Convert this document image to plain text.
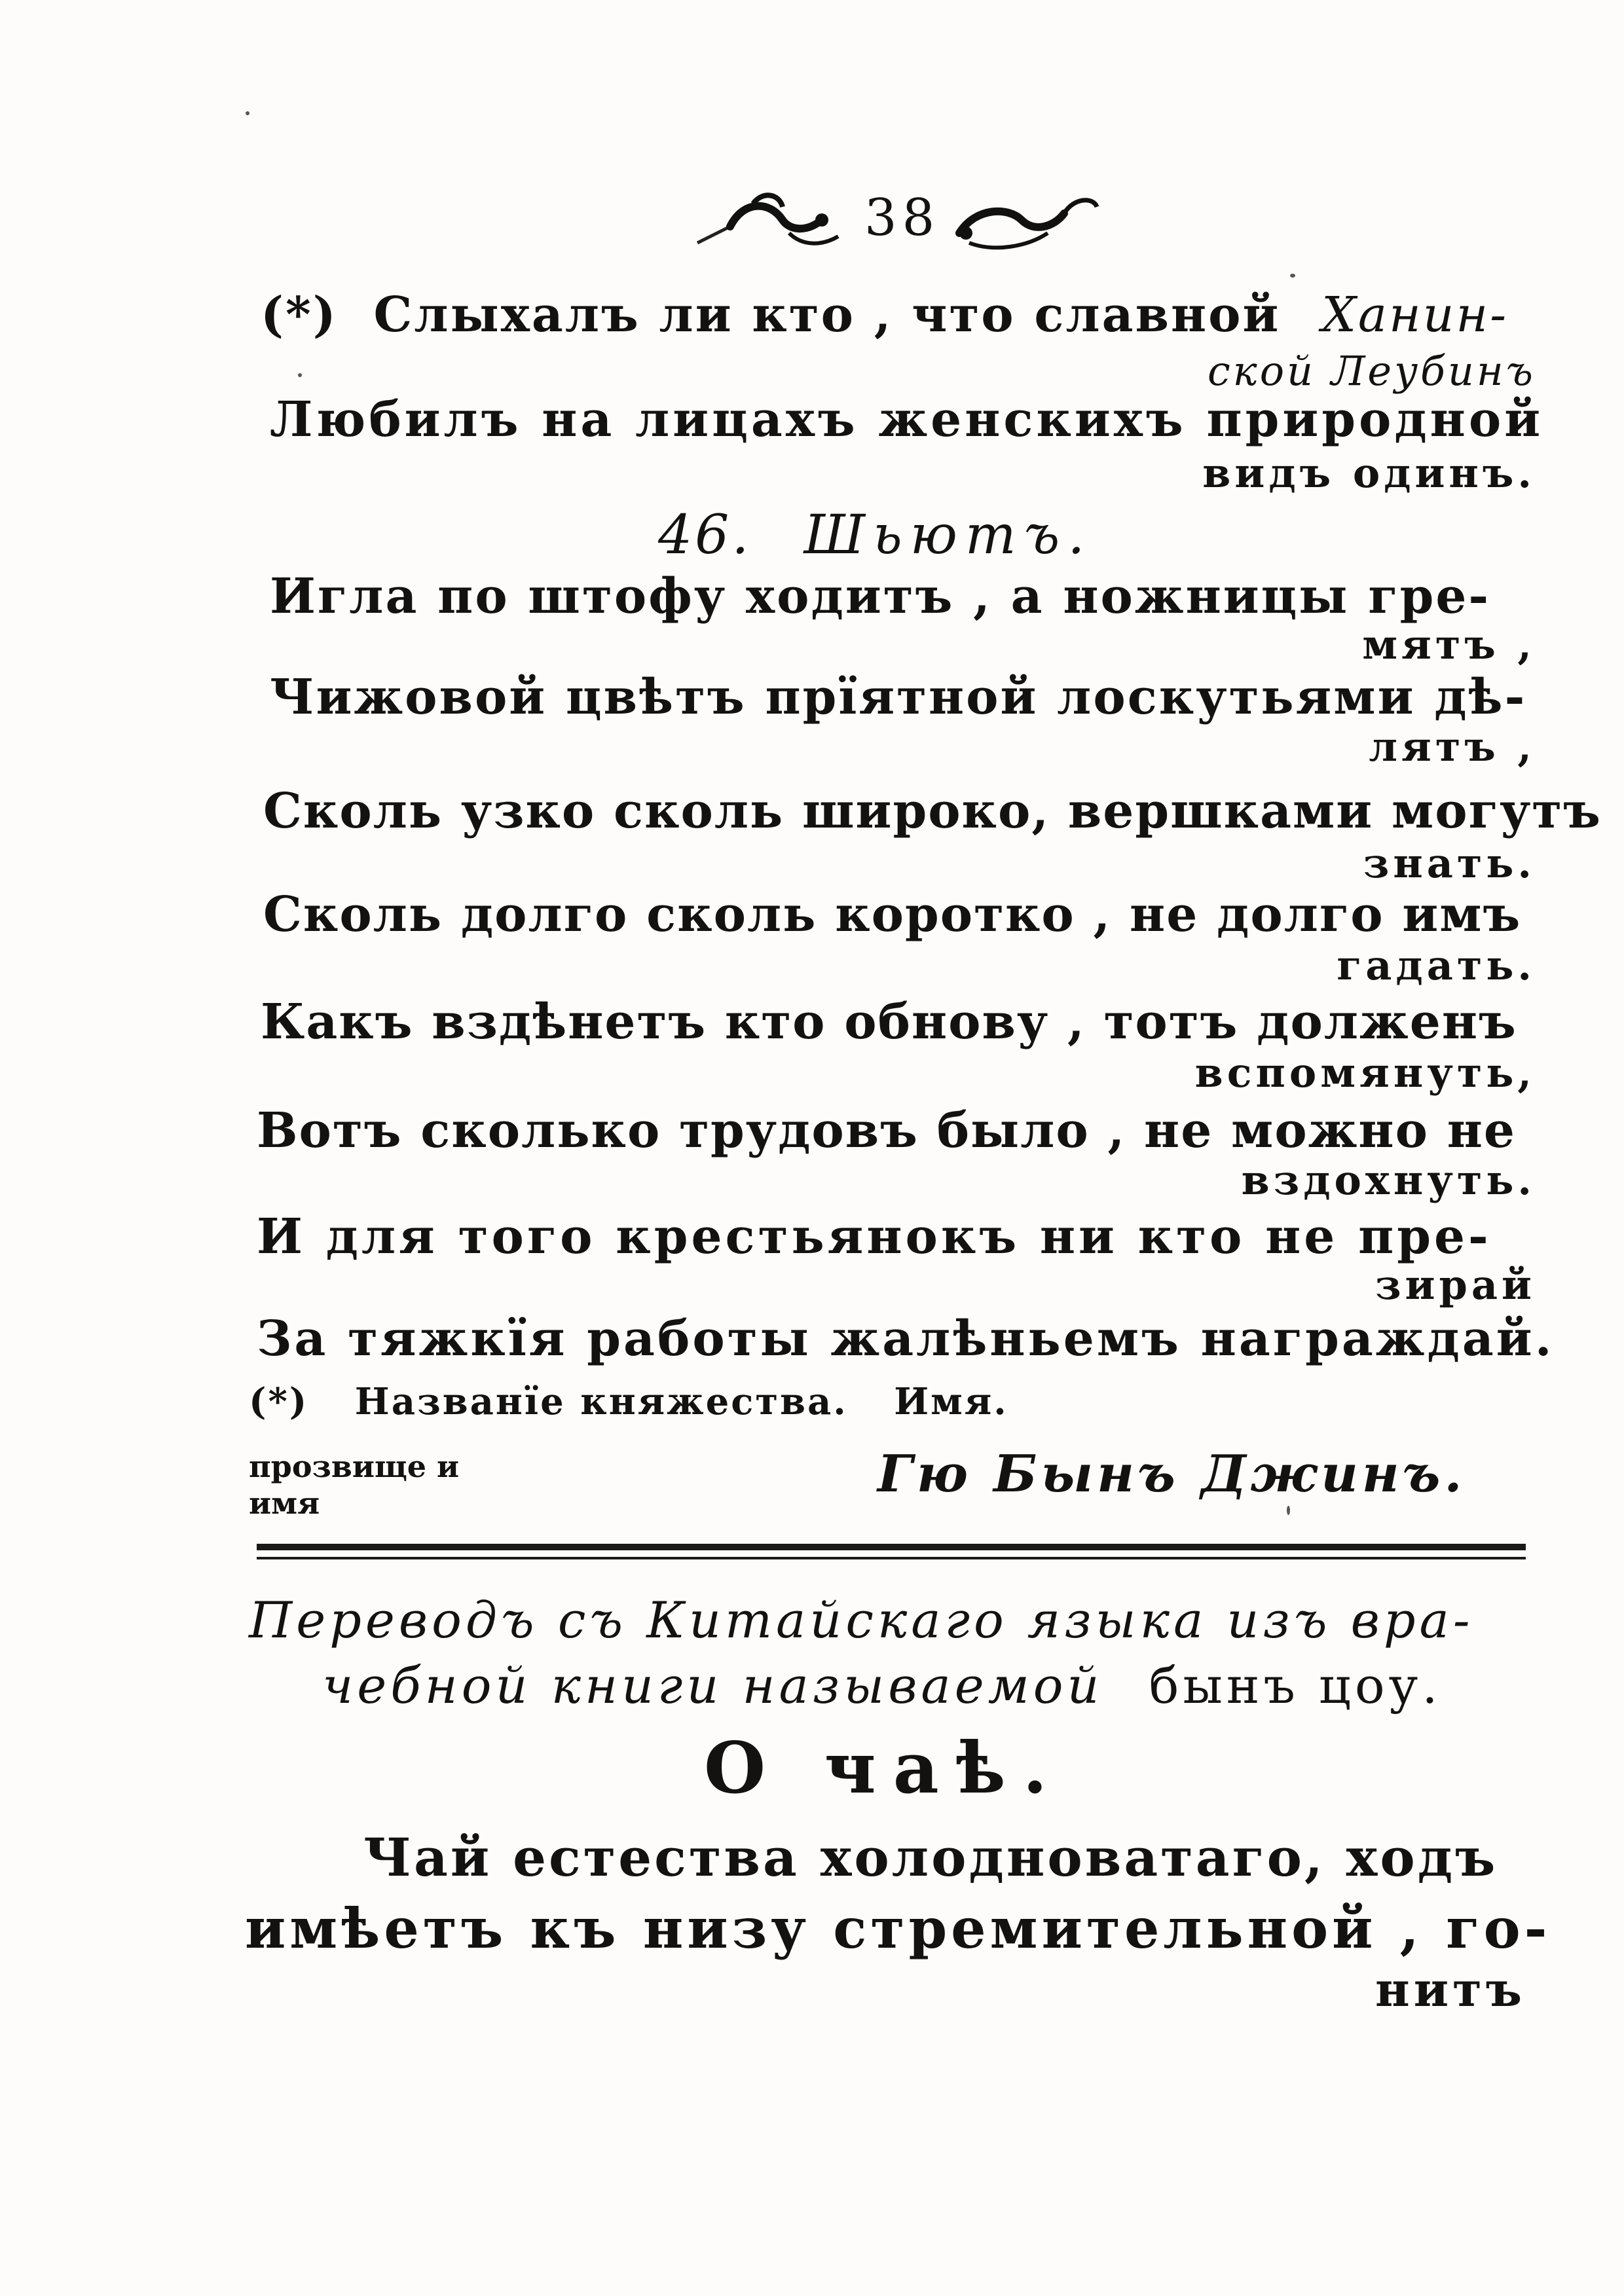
38
(*) Слыхалъ ли кто , что славной Ханин-
ской Леубинъ
Любилъ на лицахъ женскихъ природной
видъ одинъ.
46. Шьютъ.
Игла по штофу ходитъ , а ножницы гре-
мятъ ,
Чижовой цвѣтъ прїятной лоскутьями дѣ-
лятъ ,
Сколь узко сколь широко, вершками могутъ
знать.
Сколь долго сколь коротко , не долго имъ
гадать.
Какъ вздѣнетъ кто обнову , тотъ долженъ
вспомянуть,
Вотъ сколько трудовъ было , не можно не
вздохнуть.
И для того крестьянокъ ни кто не пре-
зирай
За тяжкїя работы жалѣньемъ награждай.
(*) Названїе княжества. Имя.
прозвище и
имя	Гю Бынъ Джинъ.
Переводъ съ Китайскаго языка изъ вра-
чебной книги называемой бынъ цоу.
О чаѣ.
Чай естества холодноватаго, ходъ
имѣетъ къ низу стремительной , го-
нитъ
